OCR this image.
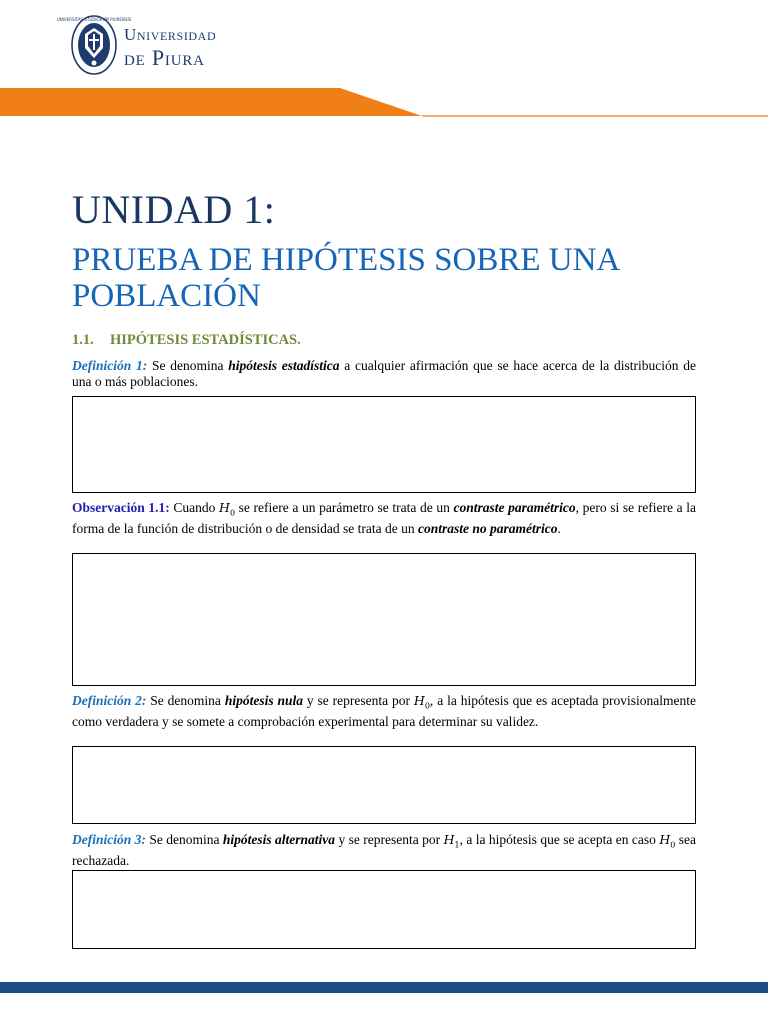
UNIVERSITAS STUDIORUM PIURENSIS
Universidad
de Piura
UNIDAD 1:
PRUEBA DE HIPÓTESIS SOBRE UNA POBLACIÓN
1.1. HIPÓTESIS ESTADÍSTICAS.

Definición 1: Se denomina hipótesis estadística a cualquier afirmación que se hace acerca de la distribución de una o más poblaciones.

Observación 1.1: Cuando $H_0$ se refiere a un parámetro se trata de un contraste paramétrico, pero si se refiere a la forma de la función de distribución o de densidad se trata de un contraste no paramétrico.

Definición 2: Se denomina hipótesis nula y se representa por $H_0$, a la hipótesis que es aceptada provisionalmente como verdadera y se somete a comprobación experimental para determinar su validez.

Definición 3: Se denomina hipótesis alternativa y se representa por $H_1$, a la hipótesis que se acepta en caso $H_0$ sea rechazada.
